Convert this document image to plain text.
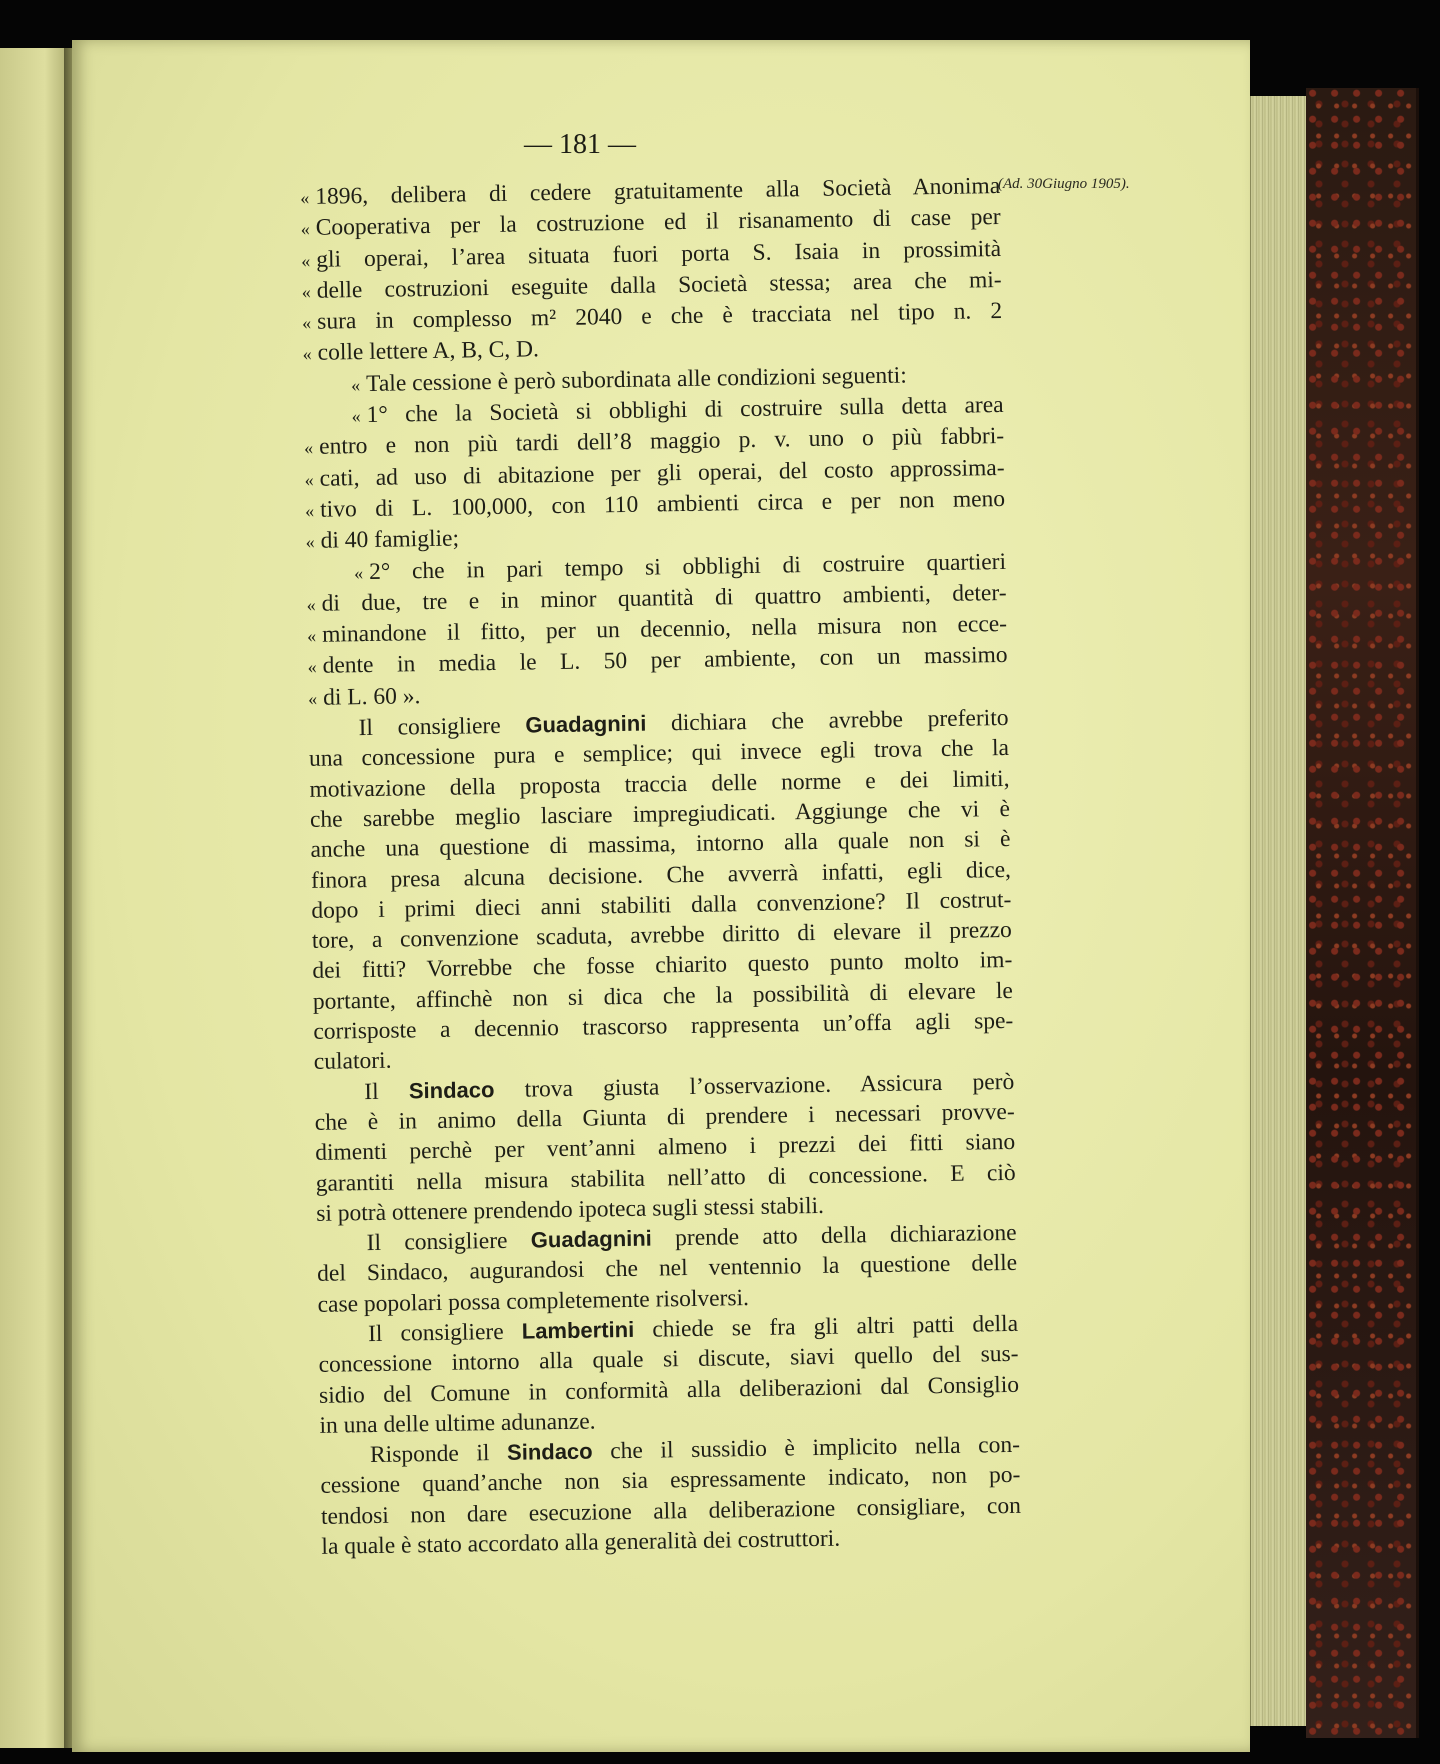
— 181 —

(Ad. 30Giugno 1905).

« 1896, delibera di cedere gratuitamente alla Società Anonima

« Cooperativa per la costruzione ed il risanamento di case per

« gli operai, l’area situata fuori porta S. Isaia in prossimità

« delle costruzioni eseguite dalla Società stessa; area che mi-

« sura in complesso m² 2040 e che è tracciata nel tipo n. 2

« colle lettere A, B, C, D.

« Tale cessione è però subordinata alle condizioni seguenti:

« 1° che la Società si obblighi di costruire sulla detta area

« entro e non più tardi dell’8 maggio p. v. uno o più fabbri-

« cati, ad uso di abitazione per gli operai, del costo approssima-

« tivo di L. 100,000, con 110 ambienti circa e per non meno

« di 40 famiglie;

« 2° che in pari tempo si obblighi di costruire quartieri

« di due, tre e in minor quantità di quattro ambienti, deter-

« minandone il fitto, per un decennio, nella misura non ecce-

« dente in media le L. 50 per ambiente, con un massimo

« di L. 60 ».

Il consigliere Guadagnini dichiara che avrebbe preferito

una concessione pura e semplice; qui invece egli trova che la

motivazione della proposta traccia delle norme e dei limiti,

che sarebbe meglio lasciare impregiudicati. Aggiunge che vi è

anche una questione di massima, intorno alla quale non si è

finora presa alcuna decisione. Che avverrà infatti, egli dice,

dopo i primi dieci anni stabiliti dalla convenzione? Il costrut-

tore, a convenzione scaduta, avrebbe diritto di elevare il prezzo

dei fitti? Vorrebbe che fosse chiarito questo punto molto im-

portante, affinchè non si dica che la possibilità di elevare le

corrisposte a decennio trascorso rappresenta un’offa agli spe-

culatori.

Il Sindaco trova giusta l’osservazione. Assicura però

che è in animo della Giunta di prendere i necessari provve-

dimenti perchè per vent’anni almeno i prezzi dei fitti siano

garantiti nella misura stabilita nell’atto di concessione. E ciò

si potrà ottenere prendendo ipoteca sugli stessi stabili.

Il consigliere Guadagnini prende atto della dichiarazione

del Sindaco, augurandosi che nel ventennio la questione delle

case popolari possa completemente risolversi.

Il consigliere Lambertini chiede se fra gli altri patti della

concessione intorno alla quale si discute, siavi quello del sus-

sidio del Comune in conformità alla deliberazioni dal Consiglio

in una delle ultime adunanze.

Risponde il Sindaco che il sussidio è implicito nella con-

cessione quand’anche non sia espressamente indicato, non po-

tendosi non dare esecuzione alla deliberazione consigliare, con

la quale è stato accordato alla generalità dei costruttori.
